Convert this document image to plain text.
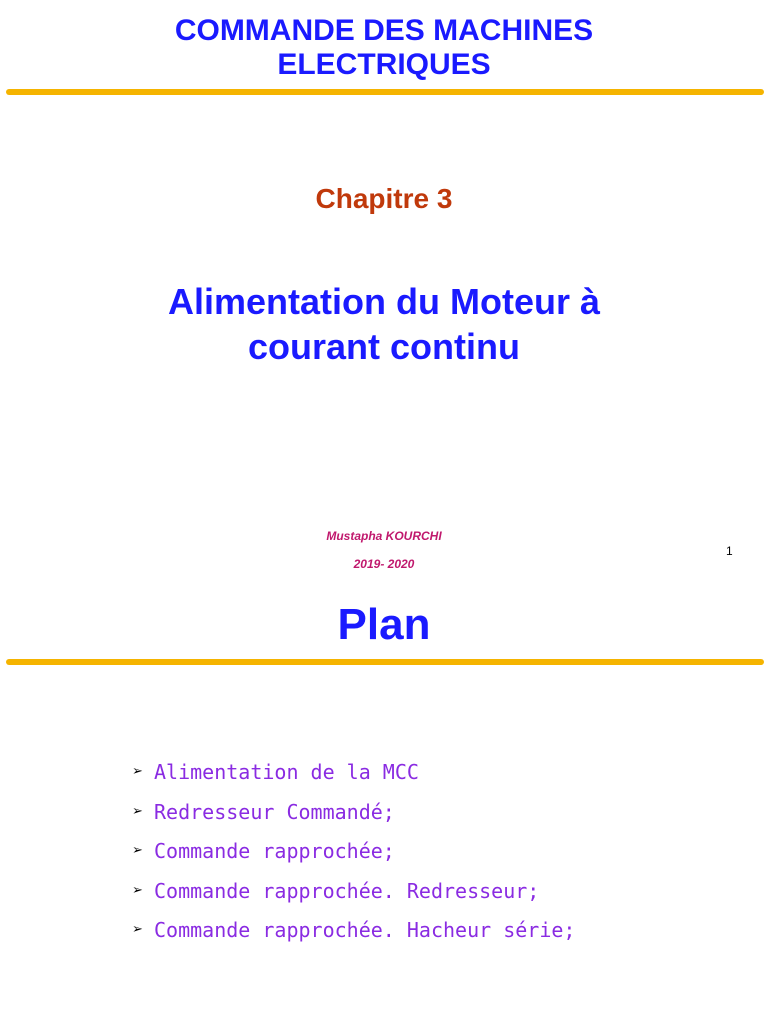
COMMANDE DES MACHINES
ELECTRIQUES
Chapitre 3
Alimentation du Moteur à
courant continu
Mustapha KOURCHI
2019- 2020
1
Plan
➢ Alimentation de la MCC
➢ Redresseur Commandé;
➢ Commande rapprochée;
➢ Commande rapprochée. Redresseur;
➢ Commande rapprochée. Hacheur série;
